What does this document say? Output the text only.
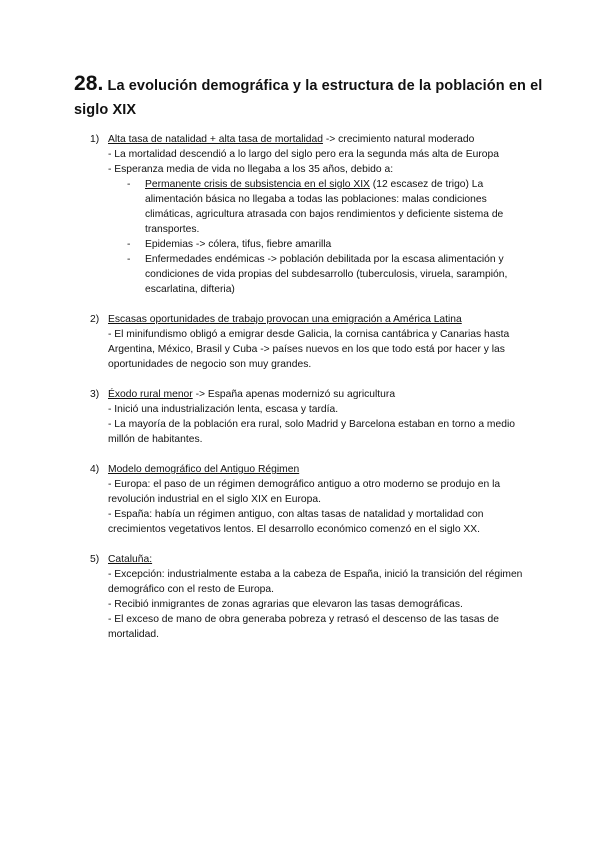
28. La evolución demográfica y la estructura de la población en el siglo XIX
1) Alta tasa de natalidad + alta tasa de mortalidad -> crecimiento natural moderado
- La mortalidad descendió a lo largo del siglo pero era la segunda más alta de Europa
- Esperanza media de vida no llegaba a los 35 años, debido a:
- Permanente crisis de subsistencia en el siglo XIX (12 escasez de trigo) La alimentación básica no llegaba a todas las poblaciones: malas condiciones climáticas, agricultura atrasada con bajos rendimientos y deficiente sistema de transportes.
- Epidemias -> cólera, tifus, fiebre amarilla
- Enfermedades endémicas -> población debilitada por la escasa alimentación y condiciones de vida propias del subdesarrollo (tuberculosis, viruela, sarampión, escarlatina, difteria)
2) Escasas oportunidades de trabajo provocan una emigración a América Latina
- El minifundismo obligó a emigrar desde Galicia, la cornisa cantábrica y Canarias hasta Argentina, México, Brasil y Cuba -> países nuevos en los que todo está por hacer y las oportunidades de negocio son muy grandes.
3) Éxodo rural menor -> España apenas modernizó su agricultura
- Inició una industrialización lenta, escasa y tardía.
- La mayoría de la población era rural, solo Madrid y Barcelona estaban en torno a medio millón de habitantes.
4) Modelo demográfico del Antiguo Régimen
- Europa: el paso de un régimen demográfico antiguo a otro moderno se produjo en la revolución industrial en el siglo XIX en Europa.
- España: había un régimen antiguo, con altas tasas de natalidad y mortalidad con crecimientos vegetativos lentos. El desarrollo económico comenzó en el siglo XX.
5) Cataluña:
- Excepción: industrialmente estaba a la cabeza de España, inició la transición del régimen demográfico con el resto de Europa.
- Recibió inmigrantes de zonas agrarias que elevaron las tasas demográficas.
- El exceso de mano de obra generaba pobreza y retrasó el descenso de las tasas de mortalidad.
